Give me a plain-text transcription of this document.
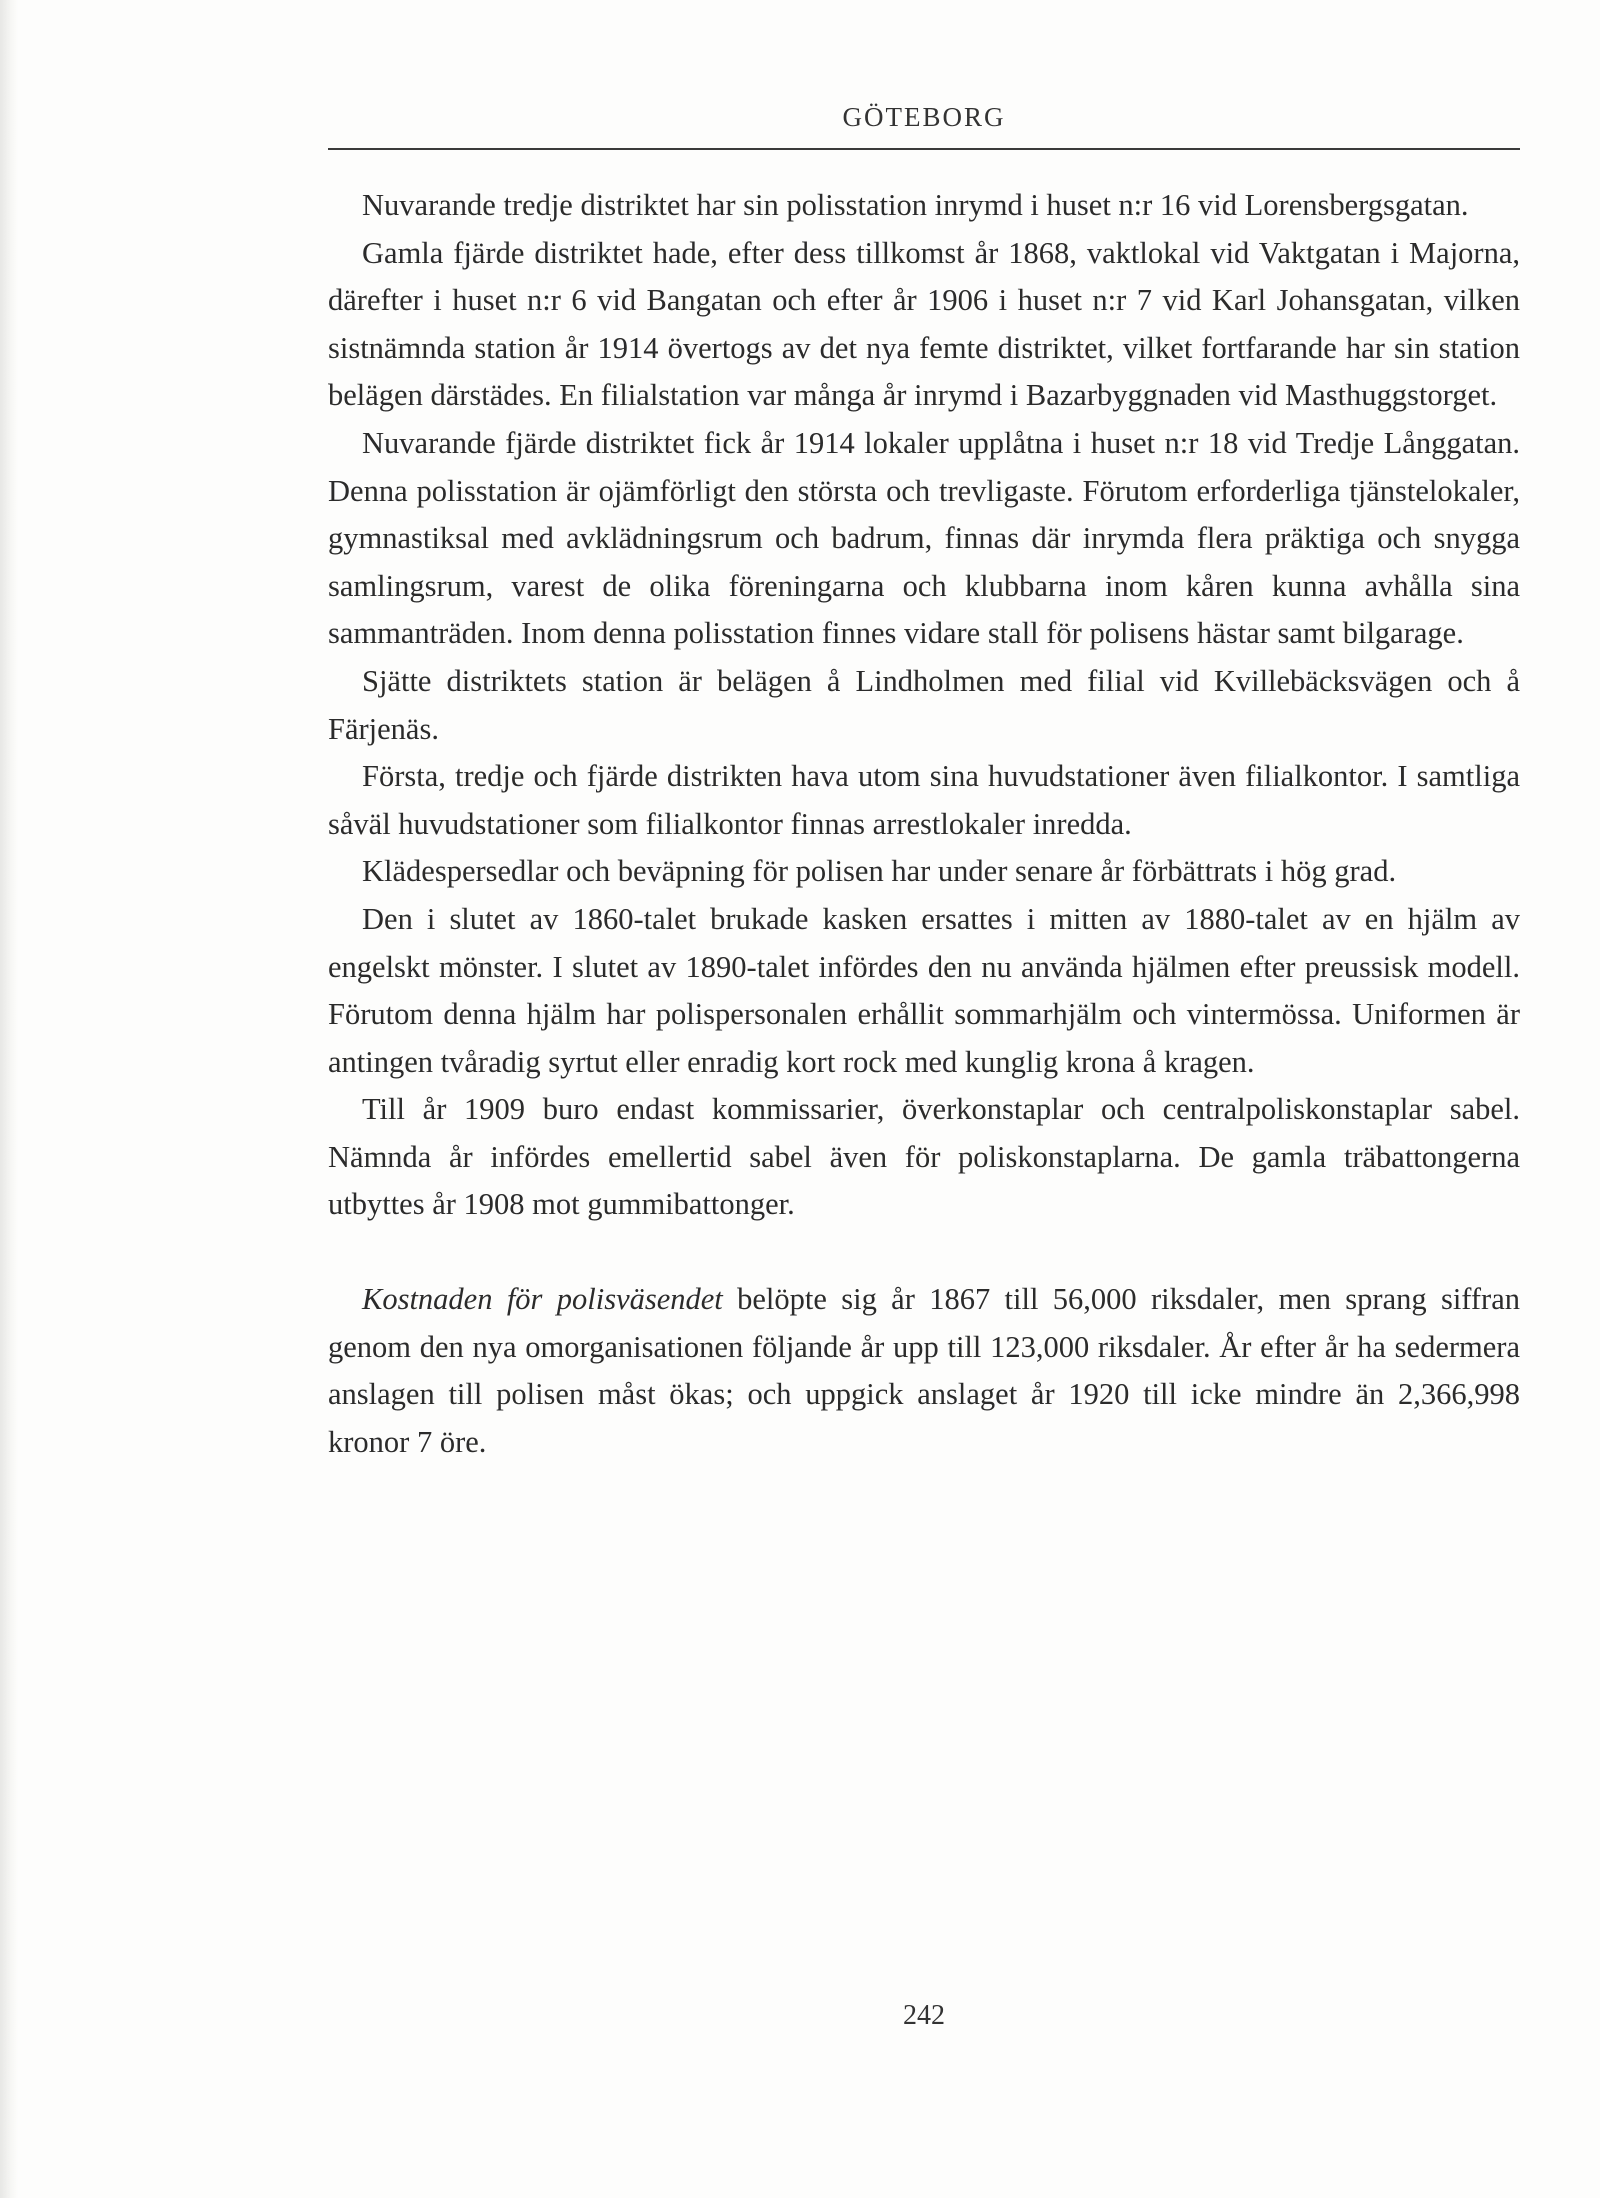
GÖTEBORG

Nuvarande tredje distriktet har sin polisstation inrymd i huset n:r 16 vid Lorensbergsgatan.

Gamla fjärde distriktet hade, efter dess tillkomst år 1868, vaktlokal vid Vaktgatan i Majorna, därefter i huset n:r 6 vid Bangatan och efter år 1906 i huset n:r 7 vid Karl Johansgatan, vilken sistnämnda station år 1914 övertogs av det nya femte distriktet, vilket fortfarande har sin station belägen därstädes. En filialstation var många år inrymd i Bazarbyggnaden vid Masthuggstorget.

Nuvarande fjärde distriktet fick år 1914 lokaler upplåtna i huset n:r 18 vid Tredje Långgatan. Denna polisstation är ojämförligt den största och trevligaste. Förutom erforderliga tjänstelokaler, gymnastiksal med avklädningsrum och badrum, finnas där inrymda flera präktiga och snygga samlingsrum, varest de olika föreningarna och klubbarna inom kåren kunna avhålla sina sammanträden. Inom denna polisstation finnes vidare stall för polisens hästar samt bilgarage.

Sjätte distriktets station är belägen å Lindholmen med filial vid Kvillebäcksvägen och å Färjenäs.

Första, tredje och fjärde distrikten hava utom sina huvudstationer även filialkontor. I samtliga såväl huvudstationer som filialkontor finnas arrestlokaler inredda.

Klädespersedlar och beväpning för polisen har under senare år förbättrats i hög grad.

Den i slutet av 1860-talet brukade kasken ersattes i mitten av 1880-talet av en hjälm av engelskt mönster. I slutet av 1890-talet infördes den nu använda hjälmen efter preussisk modell. Förutom denna hjälm har polispersonalen erhållit sommarhjälm och vintermössa. Uniformen är antingen tvåradig syrtut eller enradig kort rock med kunglig krona å kragen.

Till år 1909 buro endast kommissarier, överkonstaplar och centralpoliskonstaplar sabel. Nämnda år infördes emellertid sabel även för poliskonstaplarna. De gamla träbattongerna utbyttes år 1908 mot gummibattonger.

Kostnaden för polisväsendet belöpte sig år 1867 till 56,000 riksdaler, men sprang siffran genom den nya omorganisationen följande år upp till 123,000 riksdaler. År efter år ha sedermera anslagen till polisen måst ökas; och uppgick anslaget år 1920 till icke mindre än 2,366,998 kronor 7 öre.

242
